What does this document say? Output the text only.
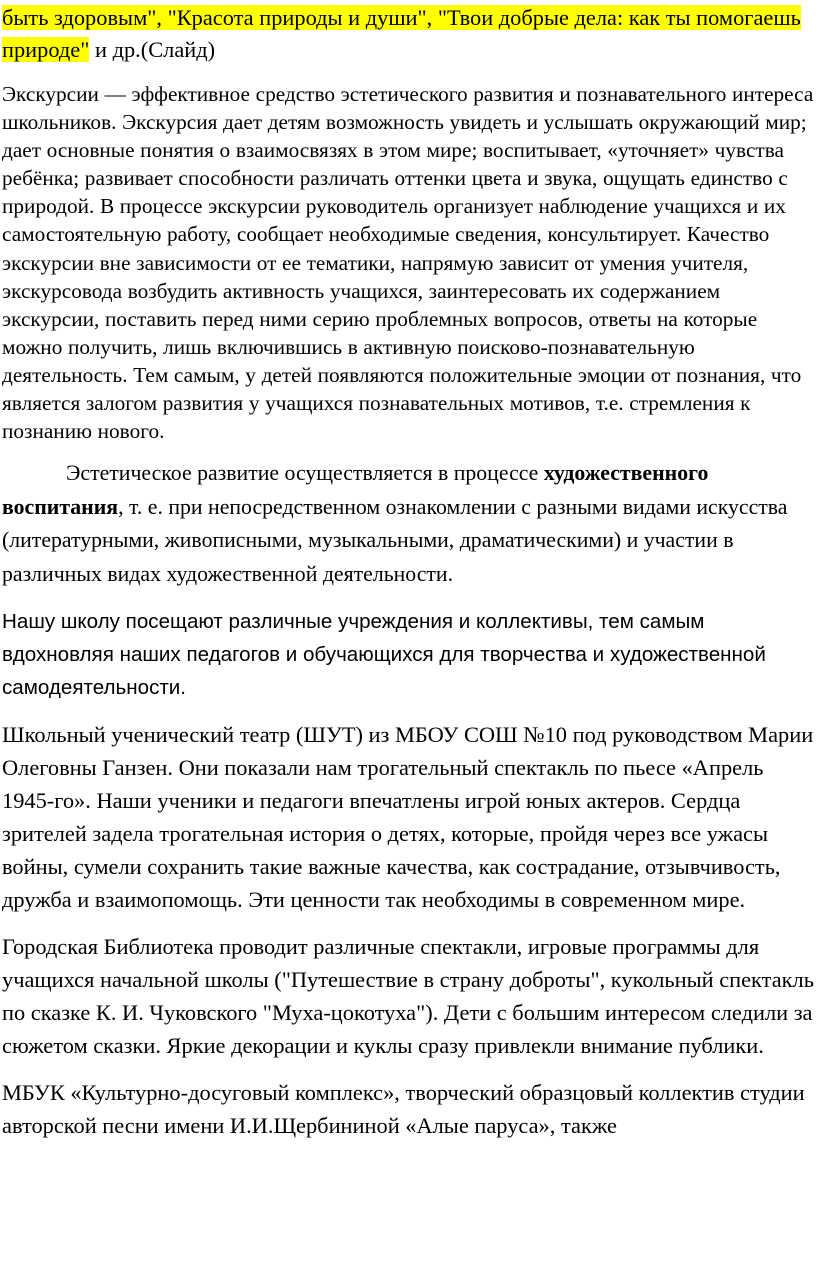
быть здоровым", "Красота природы и души", "Твои добрые дела: как ты помогаешь природе" и др.(Слайд)

Экскурсии — эффективное средство эстетического развития и познавательного интереса школьников. Экскурсия дает детям возможность увидеть и услышать окружающий мир; дает основные понятия о взаимосвязях в этом мире; воспитывает, «уточняет» чувства ребёнка; развивает способности различать оттенки цвета и звука, ощущать единство с природой. В процессе экскурсии руководитель организует наблюдение учащихся и их самостоятельную работу, сообщает необходимые сведения, консультирует. Качество экскурсии вне зависимости от ее тематики, напрямую зависит от умения учителя, экскурсовода возбудить активность учащихся, заинтересовать их содержанием экскурсии, поставить перед ними серию проблемных вопросов, ответы на которые можно получить, лишь включившись в активную поисково-познавательную деятельность. Тем самым, у детей появляются положительные эмоции от познания, что является залогом развития у учащихся познавательных мотивов, т.е. стремления к познанию нового.

Эстетическое развитие осуществляется в процессе художественного воспитания, т. е. при непосредственном ознакомлении с разными видами искусства (литературными, живописными, музыкальными, драматическими) и участии в различных видах художественной деятельности.

Нашу школу посещают различные учреждения и коллективы, тем самым вдохновляя наших педагогов и обучающихся для творчества и художественной самодеятельности.

Школьный ученический театр (ШУТ) из МБОУ СОШ №10 под руководством Марии Олеговны Ганзен. Они показали нам трогательный спектакль по пьесе «Апрель 1945-го». Наши ученики и педагоги впечатлены игрой юных актеров. Сердца зрителей задела трогательная история о детях, которые, пройдя через все ужасы войны, сумели сохранить такие важные качества, как сострадание, отзывчивость, дружба и взаимопомощь. Эти ценности так необходимы в современном мире.

Городская Библиотека проводит различные спектакли, игровые программы для учащихся начальной школы ("Путешествие в страну доброты", кукольный спектакль по сказке К. И. Чуковского "Муха-цокотуха"). Дети с большим интересом следили за сюжетом сказки. Яркие декорации и куклы сразу привлекли внимание публики.

МБУК «Культурно-досуговый комплекс», творческий образцовый коллектив студии авторской песни имени И.И.Щербининой «Алые паруса», также
